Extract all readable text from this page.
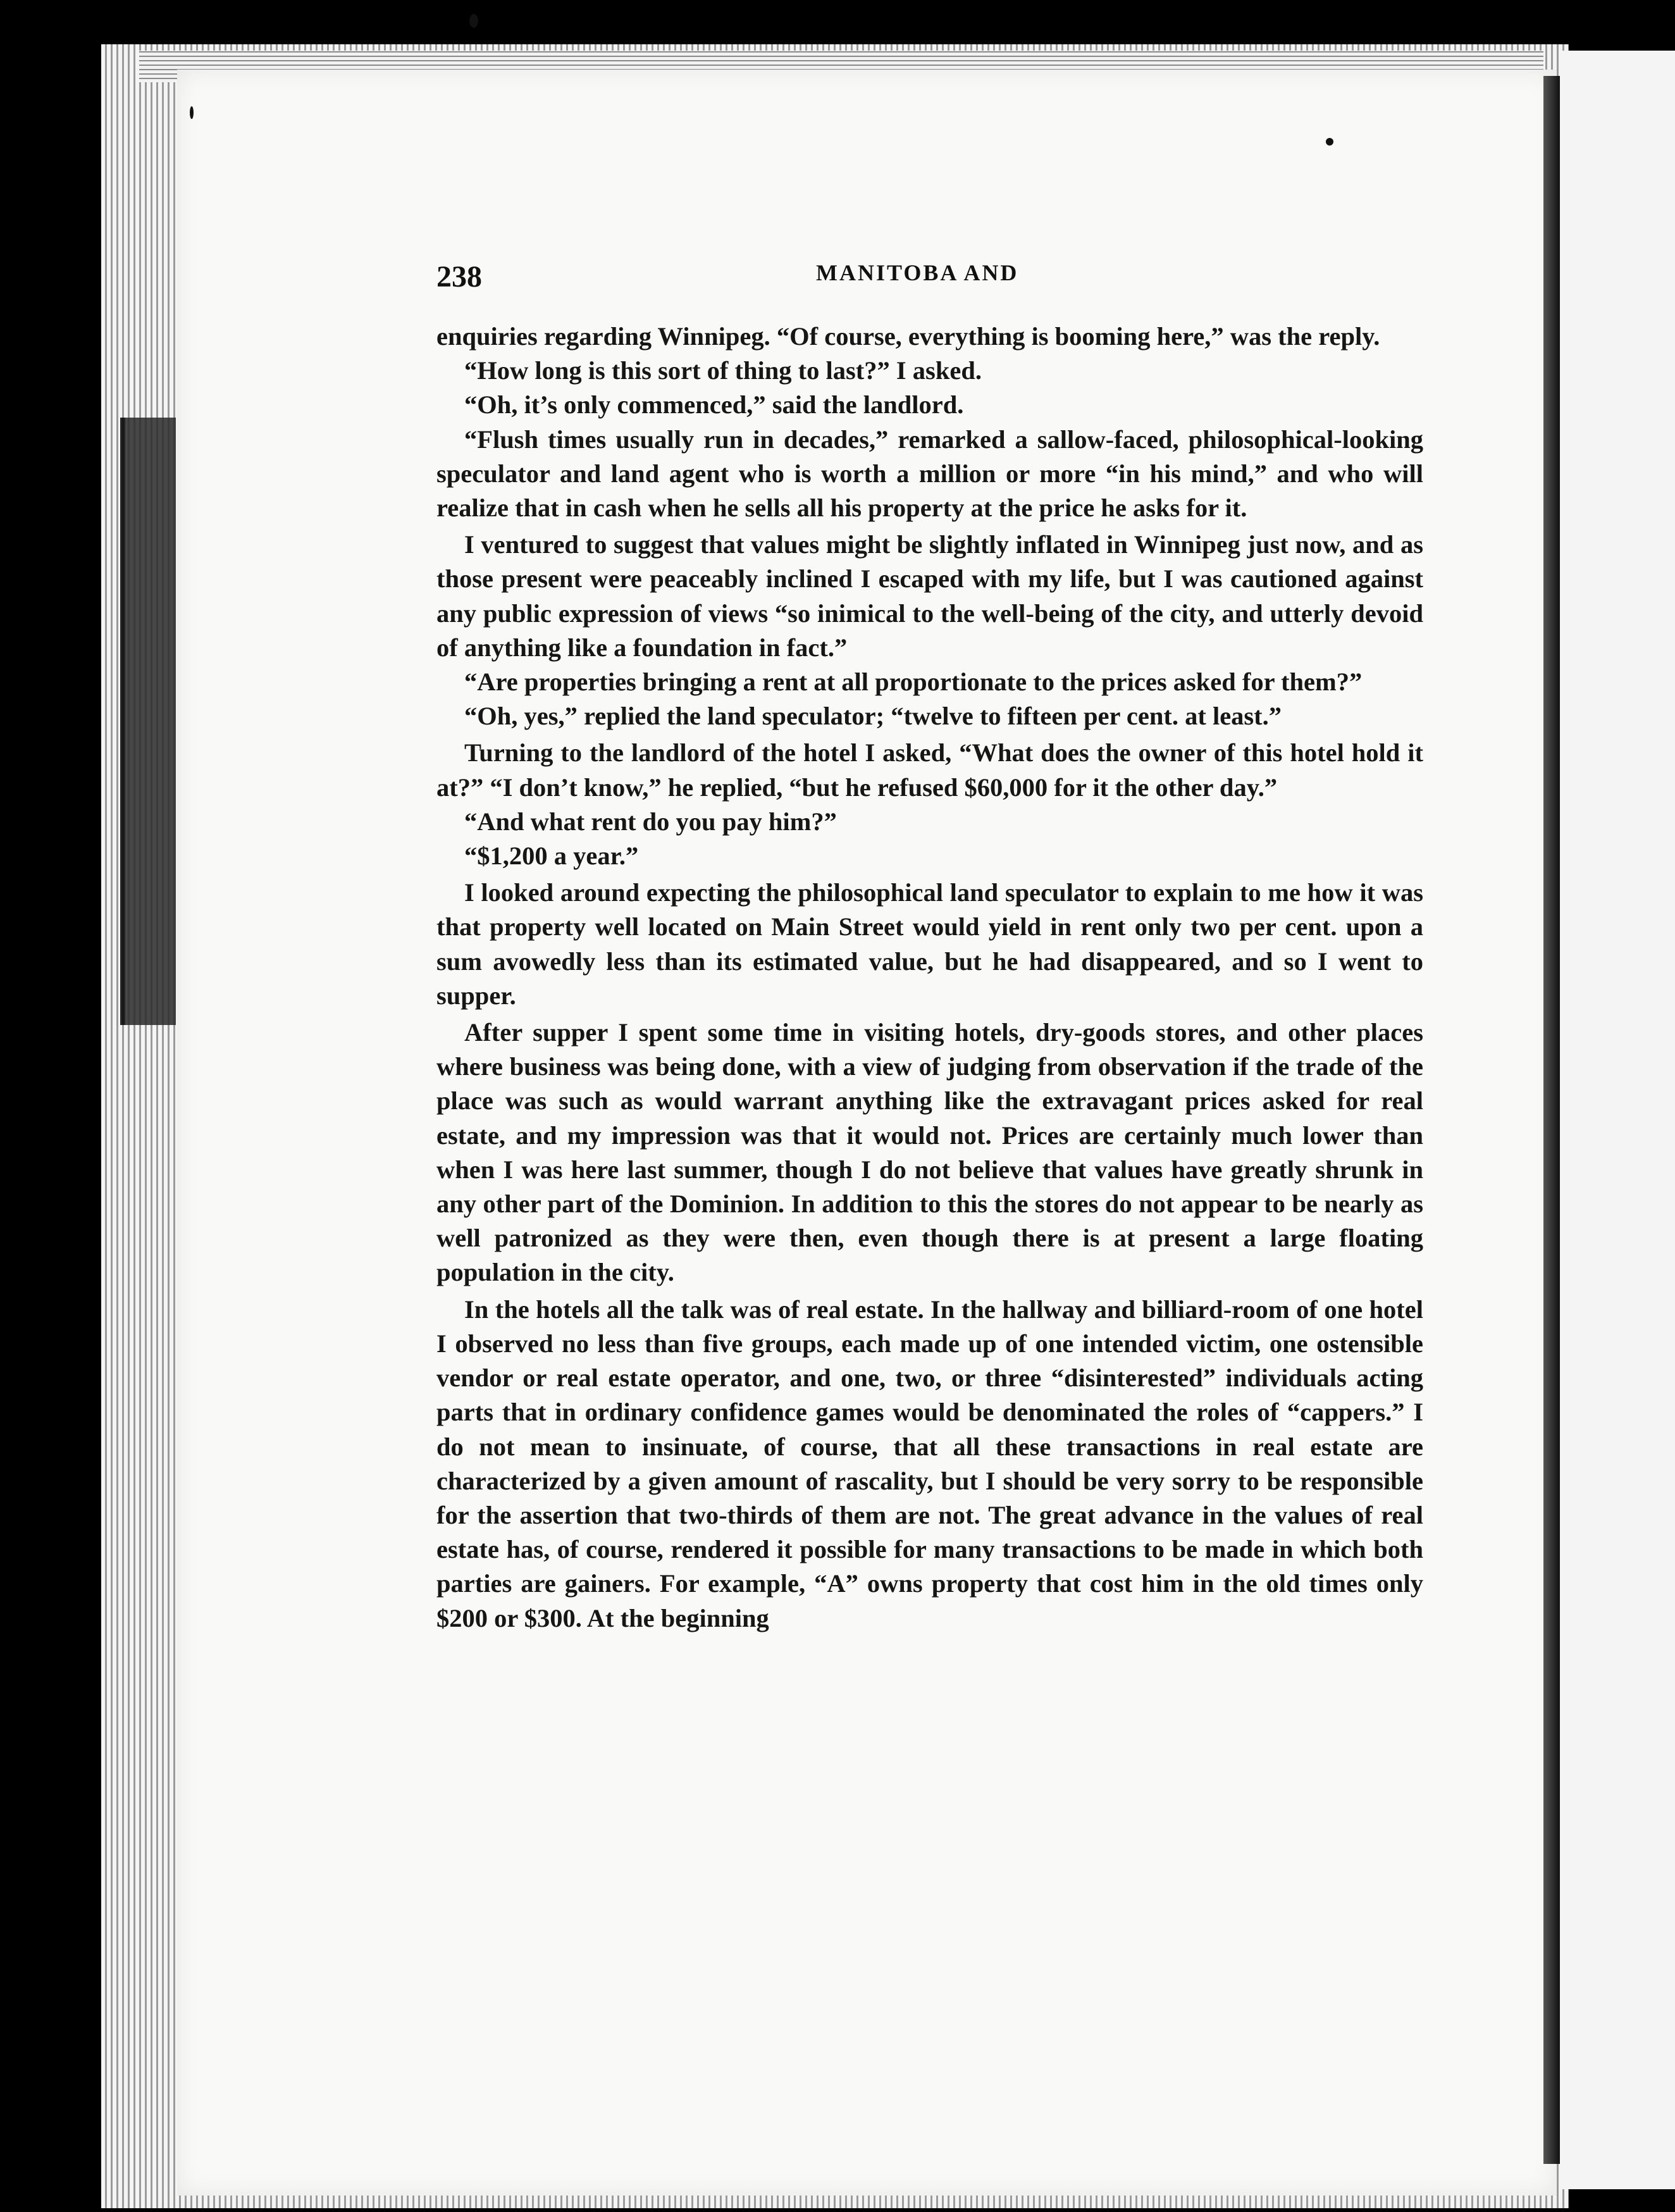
238	MANITOBA AND

enquiries regarding Winnipeg. “Of course, everything is booming here,” was the reply.

“How long is this sort of thing to last?” I asked.

“Oh, it’s only commenced,” said the landlord.

“Flush times usually run in decades,” remarked a sallow-faced, philosophical-looking speculator and land agent who is worth a million or more “in his mind,” and who will realize that in cash when he sells all his property at the price he asks for it.

I ventured to suggest that values might be slightly inflated in Winnipeg just now, and as those present were peaceably inclined I escaped with my life, but I was cautioned against any public expression of views “so inimical to the well-being of the city, and utterly devoid of anything like a foundation in fact.”

“Are properties bringing a rent at all proportionate to the prices asked for them?”

“Oh, yes,” replied the land speculator; “twelve to fifteen per cent. at least.”

Turning to the landlord of the hotel I asked, “What does the owner of this hotel hold it at?” “I don’t know,” he replied, “but he refused $60,000 for it the other day.”

“And what rent do you pay him?”

“$1,200 a year.”

I looked around expecting the philosophical land speculator to explain to me how it was that property well located on Main Street would yield in rent only two per cent. upon a sum avowedly less than its estimated value, but he had disappeared, and so I went to supper.

After supper I spent some time in visiting hotels, dry-goods stores, and other places where business was being done, with a view of judging from observation if the trade of the place was such as would warrant anything like the extravagant prices asked for real estate, and my impression was that it would not. Prices are certainly much lower than when I was here last summer, though I do not believe that values have greatly shrunk in any other part of the Dominion. In addition to this the stores do not appear to be nearly as well patronized as they were then, even though there is at present a large floating population in the city.

In the hotels all the talk was of real estate. In the hallway and billiard-room of one hotel I observed no less than five groups, each made up of one intended victim, one ostensible vendor or real estate operator, and one, two, or three “disinterested” individuals acting parts that in ordinary confidence games would be denominated the roles of “cappers.” I do not mean to insinuate, of course, that all these transactions in real estate are characterized by a given amount of rascality, but I should be very sorry to be responsible for the assertion that two-thirds of them are not. The great advance in the values of real estate has, of course, rendered it possible for many transactions to be made in which both parties are gainers. For example, “A” owns property that cost him in the old times only $200 or $300. At the beginning
